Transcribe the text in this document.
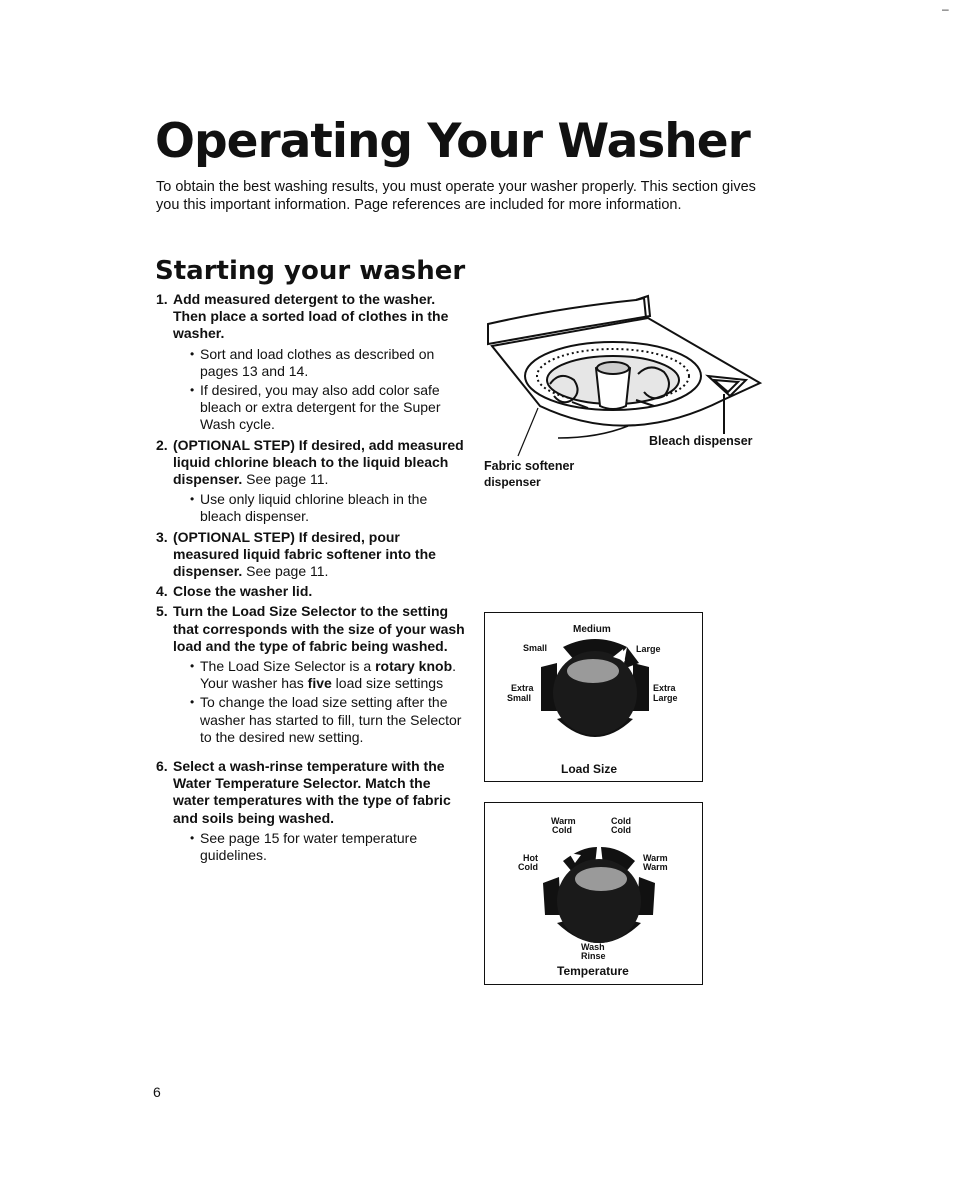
Operating Your Washer

To obtain the best washing results, you must operate your washer properly. This section gives you this important information. Page references are included for more information.

Starting your washer
1. Add measured detergent to the washer. Then place a sorted load of clothes in the washer.
• Sort and load clothes as described on pages 13 and 14.
• If desired, you may also add color safe bleach or extra detergent for the Super Wash cycle.
2. (OPTIONAL STEP) If desired, add measured liquid chlorine bleach to the liquid bleach dispenser. See page 11.
• Use only liquid chlorine bleach in the bleach dispenser.
3. (OPTIONAL STEP) If desired, pour measured liquid fabric softener into the dispenser. See page 11.
4. Close the washer lid.
5. Turn the Load Size Selector to the setting that corresponds with the size of your wash load and the type of fabric being washed.
• The Load Size Selector is a rotary knob. Your washer has five load size settings
• To change the load size setting after the washer has started to fill, turn the Selector to the desired new setting.
6. Select a wash-rinse temperature with the Water Temperature Selector. Match the water temperatures with the type of fabric and soils being washed.
• See page 15 for water temperature guidelines.
Bleach dispenser
Fabric softener
dispenser
Medium
Small	Large
Extra
Small
Extra
Large
Load Size
Warm
Cold
Cold
Cold
Hot
Cold
Warm
Warm
Wash
Rinse
Temperature
6
–
